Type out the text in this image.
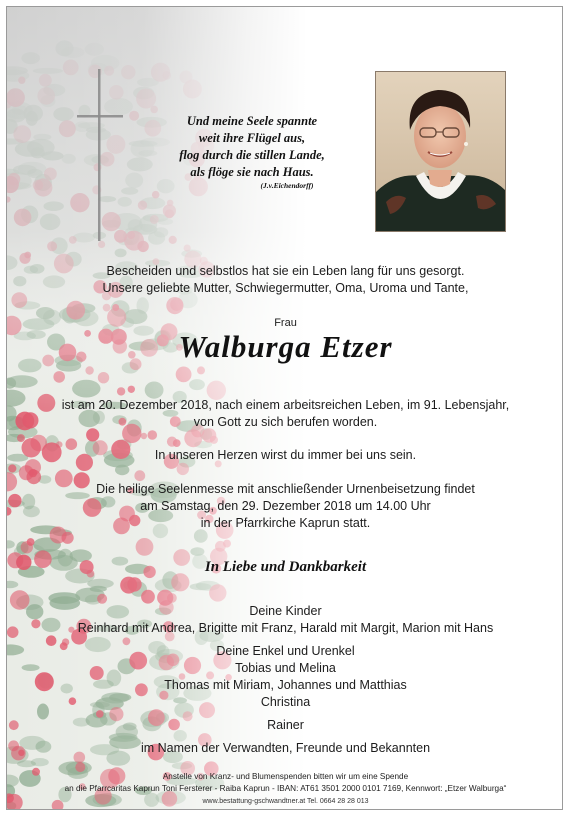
Und meine Seele spannte
weit ihre Flügel aus,
flog durch die stillen Lande,
als flöge sie nach Haus.
(J.v.Eichendorff)
Bescheiden und selbstlos hat sie ein Leben lang für uns gesorgt.
Unsere geliebte Mutter, Schwiegermutter, Oma, Uroma und Tante,
Frau
Walburga Etzer
ist am 20. Dezember 2018, nach einem arbeitsreichen Leben, im 91. Lebensjahr,
von Gott zu sich berufen worden.
In unseren Herzen wirst du immer bei uns sein.
Die heilige Seelenmesse mit anschließender Urnenbeisetzung findet
am Samstag, den 29. Dezember 2018 um 14.00 Uhr
in der Pfarrkirche Kaprun statt.
In Liebe und Dankbarkeit
Deine Kinder
Reinhard mit Andrea, Brigitte mit Franz, Harald mit Margit, Marion mit Hans
Deine Enkel und Urenkel
Tobias und Melina
Thomas mit Miriam, Johannes und Matthias
Christina
Rainer
im Namen der Verwandten, Freunde und Bekannten
Anstelle von Kranz- und Blumenspenden bitten wir um eine Spende
an die Pfarrcaritas Kaprun Toni Fersterer - Raiba Kaprun - IBAN: AT61 3501 2000 0101 7169, Kennwort: „Etzer Walburga“
www.bestattung-gschwandtner.at Tel. 0664 28 28 013
